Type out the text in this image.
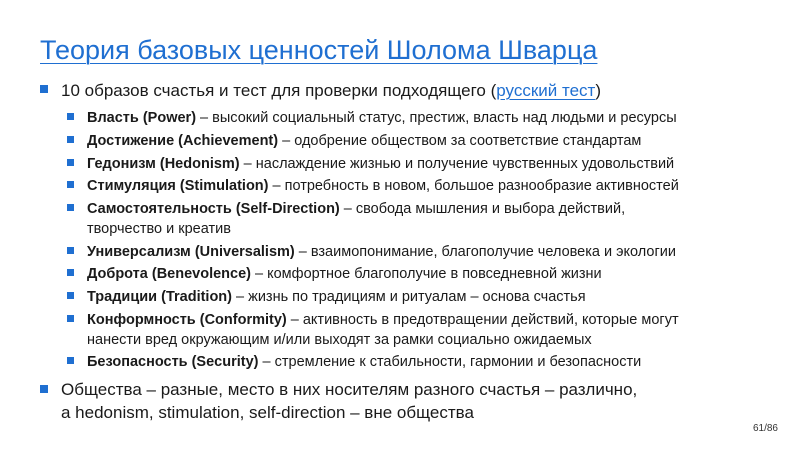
Теория базовых ценностей Шолома Шварца
10 образов счастья и тест для проверки подходящего (русский тест)
Власть (Power) – высокий социальный статус, престиж, власть над людьми и ресурсы
Достижение (Achievement) – одобрение обществом за соответствие стандартам
Гедонизм (Hedonism) – наслаждение жизнью и получение чувственных удовольствий
Стимуляция (Stimulation) – потребность в новом, большое разнообразие активностей
Самостоятельность (Self-Direction) – свобода мышления и выбора действий,
творчество и креатив
Универсализм (Universalism) – взаимопонимание, благополучие человека и экологии
Доброта (Benevolence) – комфортное благополучие в повседневной жизни
Традиции (Tradition) – жизнь по традициям и ритуалам – основа счастья
Конформность (Conformity) – активность в предотвращении действий, которые могут
нанести вред окружающим и/или выходят за рамки социально ожидаемых
Безопасность (Security) – стремление к стабильности, гармонии и безопасности
Общества – разные, место в них носителям разного счастья – различно,
а hedonism, stimulation, self-direction – вне общества
61/86
